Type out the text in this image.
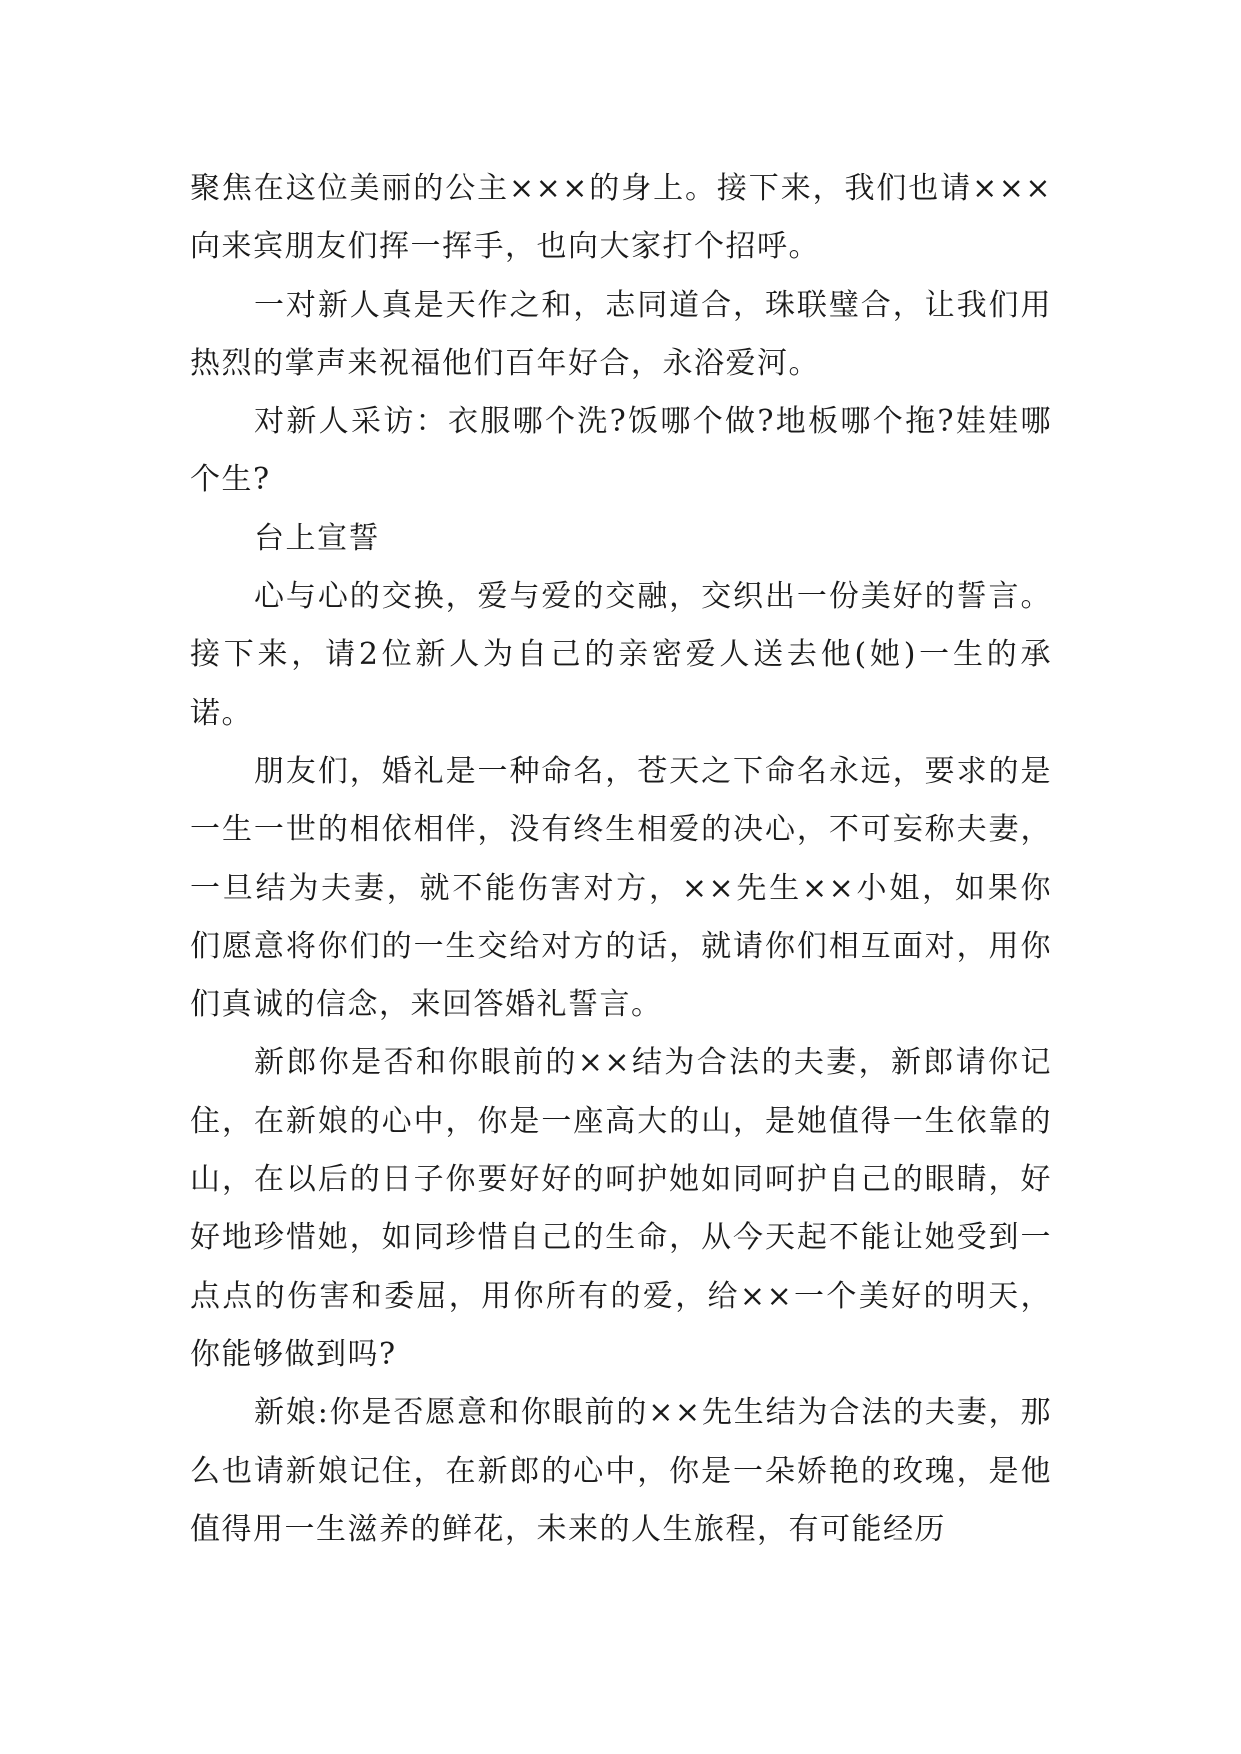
聚焦在这位美丽的公主×××的身上。接下来，我们也请×××向来宾朋友们挥一挥手，也向大家打个招呼。

一对新人真是天作之和，志同道合，珠联璧合，让我们用热烈的掌声来祝福他们百年好合，永浴爱河。

对新人采访：衣服哪个洗?饭哪个做?地板哪个拖?娃娃哪个生?

台上宣誓

心与心的交换，爱与爱的交融，交织出一份美好的誓言。接下来，请2位新人为自己的亲密爱人送去他(她)一生的承诺。

朋友们，婚礼是一种命名，苍天之下命名永远，要求的是一生一世的相依相伴，没有终生相爱的决心，不可妄称夫妻，一旦结为夫妻，就不能伤害对方，××先生××小姐，如果你们愿意将你们的一生交给对方的话，就请你们相互面对，用你们真诚的信念，来回答婚礼誓言。

新郎你是否和你眼前的××结为合法的夫妻，新郎请你记住，在新娘的心中，你是一座高大的山，是她值得一生依靠的山，在以后的日子你要好好的呵护她如同呵护自己的眼睛，好好地珍惜她，如同珍惜自己的生命，从今天起不能让她受到一点点的伤害和委屈，用你所有的爱，给××一个美好的明天，你能够做到吗?

新娘:你是否愿意和你眼前的××先生结为合法的夫妻，那么也请新娘记住，在新郎的心中，你是一朵娇艳的玫瑰，是他值得用一生滋养的鲜花，未来的人生旅程，有可能经历
